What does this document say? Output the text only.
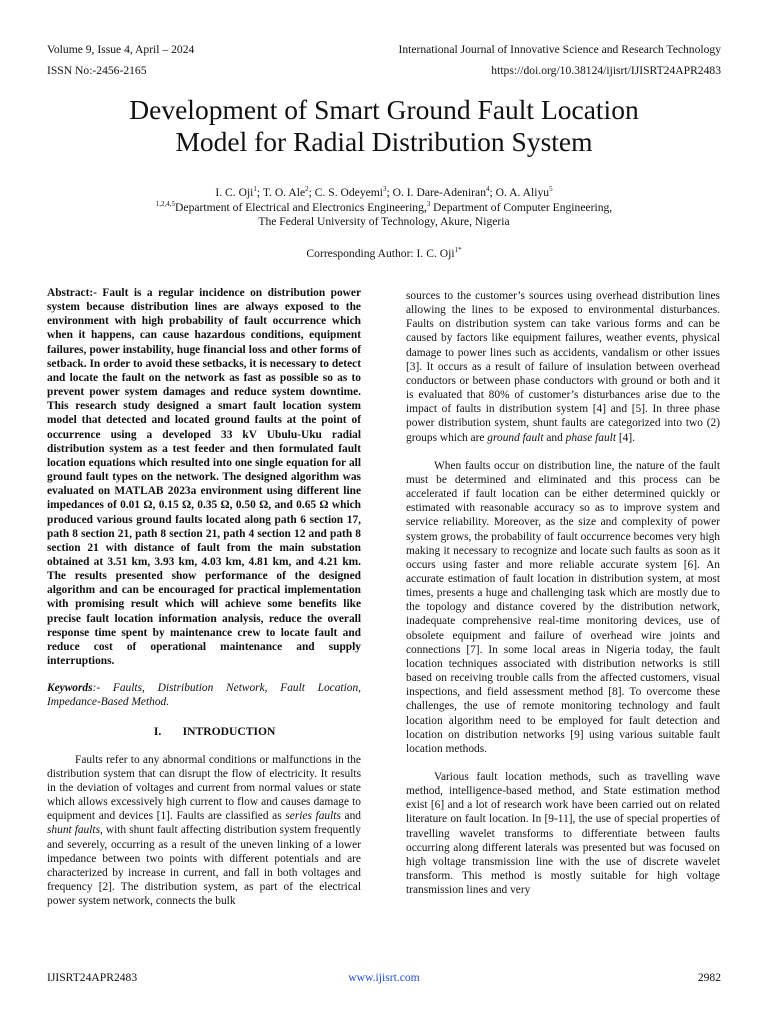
Volume 9, Issue 4, April – 2024	International Journal of Innovative Science and Research Technology
ISSN No:-2456-2165	https://doi.org/10.38124/ijisrt/IJISRT24APR2483
Development of Smart Ground Fault Location
Model for Radial Distribution System
I. C. Oji$^1$; T. O. Ale$^2$; C. S. Odeyemi$^3$; O. I. Dare-Adeniran$^4$; O. A. Aliyu$^5$
$^{1,2,4,5}$Department of Electrical and Electronics Engineering,$^3$ Department of Computer Engineering,
The Federal University of Technology, Akure, Nigeria
Corresponding Author: I. C. Oji$^{1*}$

Abstract:- Fault is a regular incidence on distribution power system because distribution lines are always exposed to the environment with high probability of fault occurrence which when it happens, can cause hazardous conditions, equipment failures, power instability, huge financial loss and other forms of setback. In order to avoid these setbacks, it is necessary to detect and locate the fault on the network as fast as possible so as to prevent power system damages and reduce system downtime. This research study designed a smart fault location system model that detected and located ground faults at the point of occurrence using a developed 33 kV Ubulu-Uku radial distribution system as a test feeder and then formulated fault location equations which resulted into one single equation for all ground fault types on the network. The designed algorithm was evaluated on MATLAB 2023a environment using different line impedances of 0.01 Ω, 0.15 Ω, 0.35 Ω, 0.50 Ω, and 0.65 Ω which produced various ground faults located along path 6 section 17, path 8 section 21, path 8 section 21, path 4 section 12 and path 8 section 21 with distance of fault from the main substation obtained at 3.51 km, 3.93 km, 4.03 km, 4.81 km, and 4.21 km. The results presented show performance of the designed algorithm and can be encouraged for practical implementation with promising result which will achieve some benefits like precise fault location information analysis, reduce the overall response time spent by maintenance crew to locate fault and reduce cost of operational maintenance and supply interruptions.

Keywords:- Faults, Distribution Network, Fault Location, Impedance-Based Method.

I. INTRODUCTION

Faults refer to any abnormal conditions or malfunctions in the distribution system that can disrupt the flow of electricity. It results in the deviation of voltages and current from normal values or state which allows excessively high current to flow and causes damage to equipment and devices [1]. Faults are classified as series faults and shunt faults, with shunt fault affecting distribution system frequently and severely, occurring as a result of the uneven linking of a lower impedance between two points with different potentials and are characterized by increase in current, and fall in both voltages and frequency [2]. The distribution system, as part of the electrical power system network, connects the bulk

sources to the customer’s sources using overhead distribution lines allowing the lines to be exposed to environmental disturbances. Faults on distribution system can take various forms and can be caused by factors like equipment failures, weather events, physical damage to power lines such as accidents, vandalism or other issues [3]. It occurs as a result of failure of insulation between overhead conductors or between phase conductors with ground or both and it is evaluated that 80% of customer’s disturbances arise due to the impact of faults in distribution system [4] and [5]. In three phase power distribution system, shunt faults are categorized into two (2) groups which are ground fault and phase fault [4].

When faults occur on distribution line, the nature of the fault must be determined and eliminated and this process can be accelerated if fault location can be either determined quickly or estimated with reasonable accuracy so as to improve system and service reliability. Moreover, as the size and complexity of power system grows, the probability of fault occurrence becomes very high making it necessary to recognize and locate such faults as soon as it occurs using faster and more reliable accurate system [6]. An accurate estimation of fault location in distribution system, at most times, presents a huge and challenging task which are mostly due to the topology and distance covered by the distribution network, inadequate comprehensive real-time monitoring devices, use of obsolete equipment and failure of overhead wire joints and connections [7]. In some local areas in Nigeria today, the fault location techniques associated with distribution networks is still based on receiving trouble calls from the affected customers, visual inspections, and field assessment method [8]. To overcome these challenges, the use of remote monitoring technology and fault location algorithm need to be employed for fault detection and location on distribution networks [9] using various suitable fault location methods.

Various fault location methods, such as travelling wave method, intelligence-based method, and State estimation method exist [6] and a lot of research work have been carried out on related literature on fault location. In [9-11], the use of special properties of travelling wavelet transforms to differentiate between faults occurring along different laterals was presented but was focused on high voltage transmission line with the use of discrete wavelet transform. This method is mostly suitable for high voltage transmission lines and very

www.ijisrt.com
IJISRT24APR2483	2982
